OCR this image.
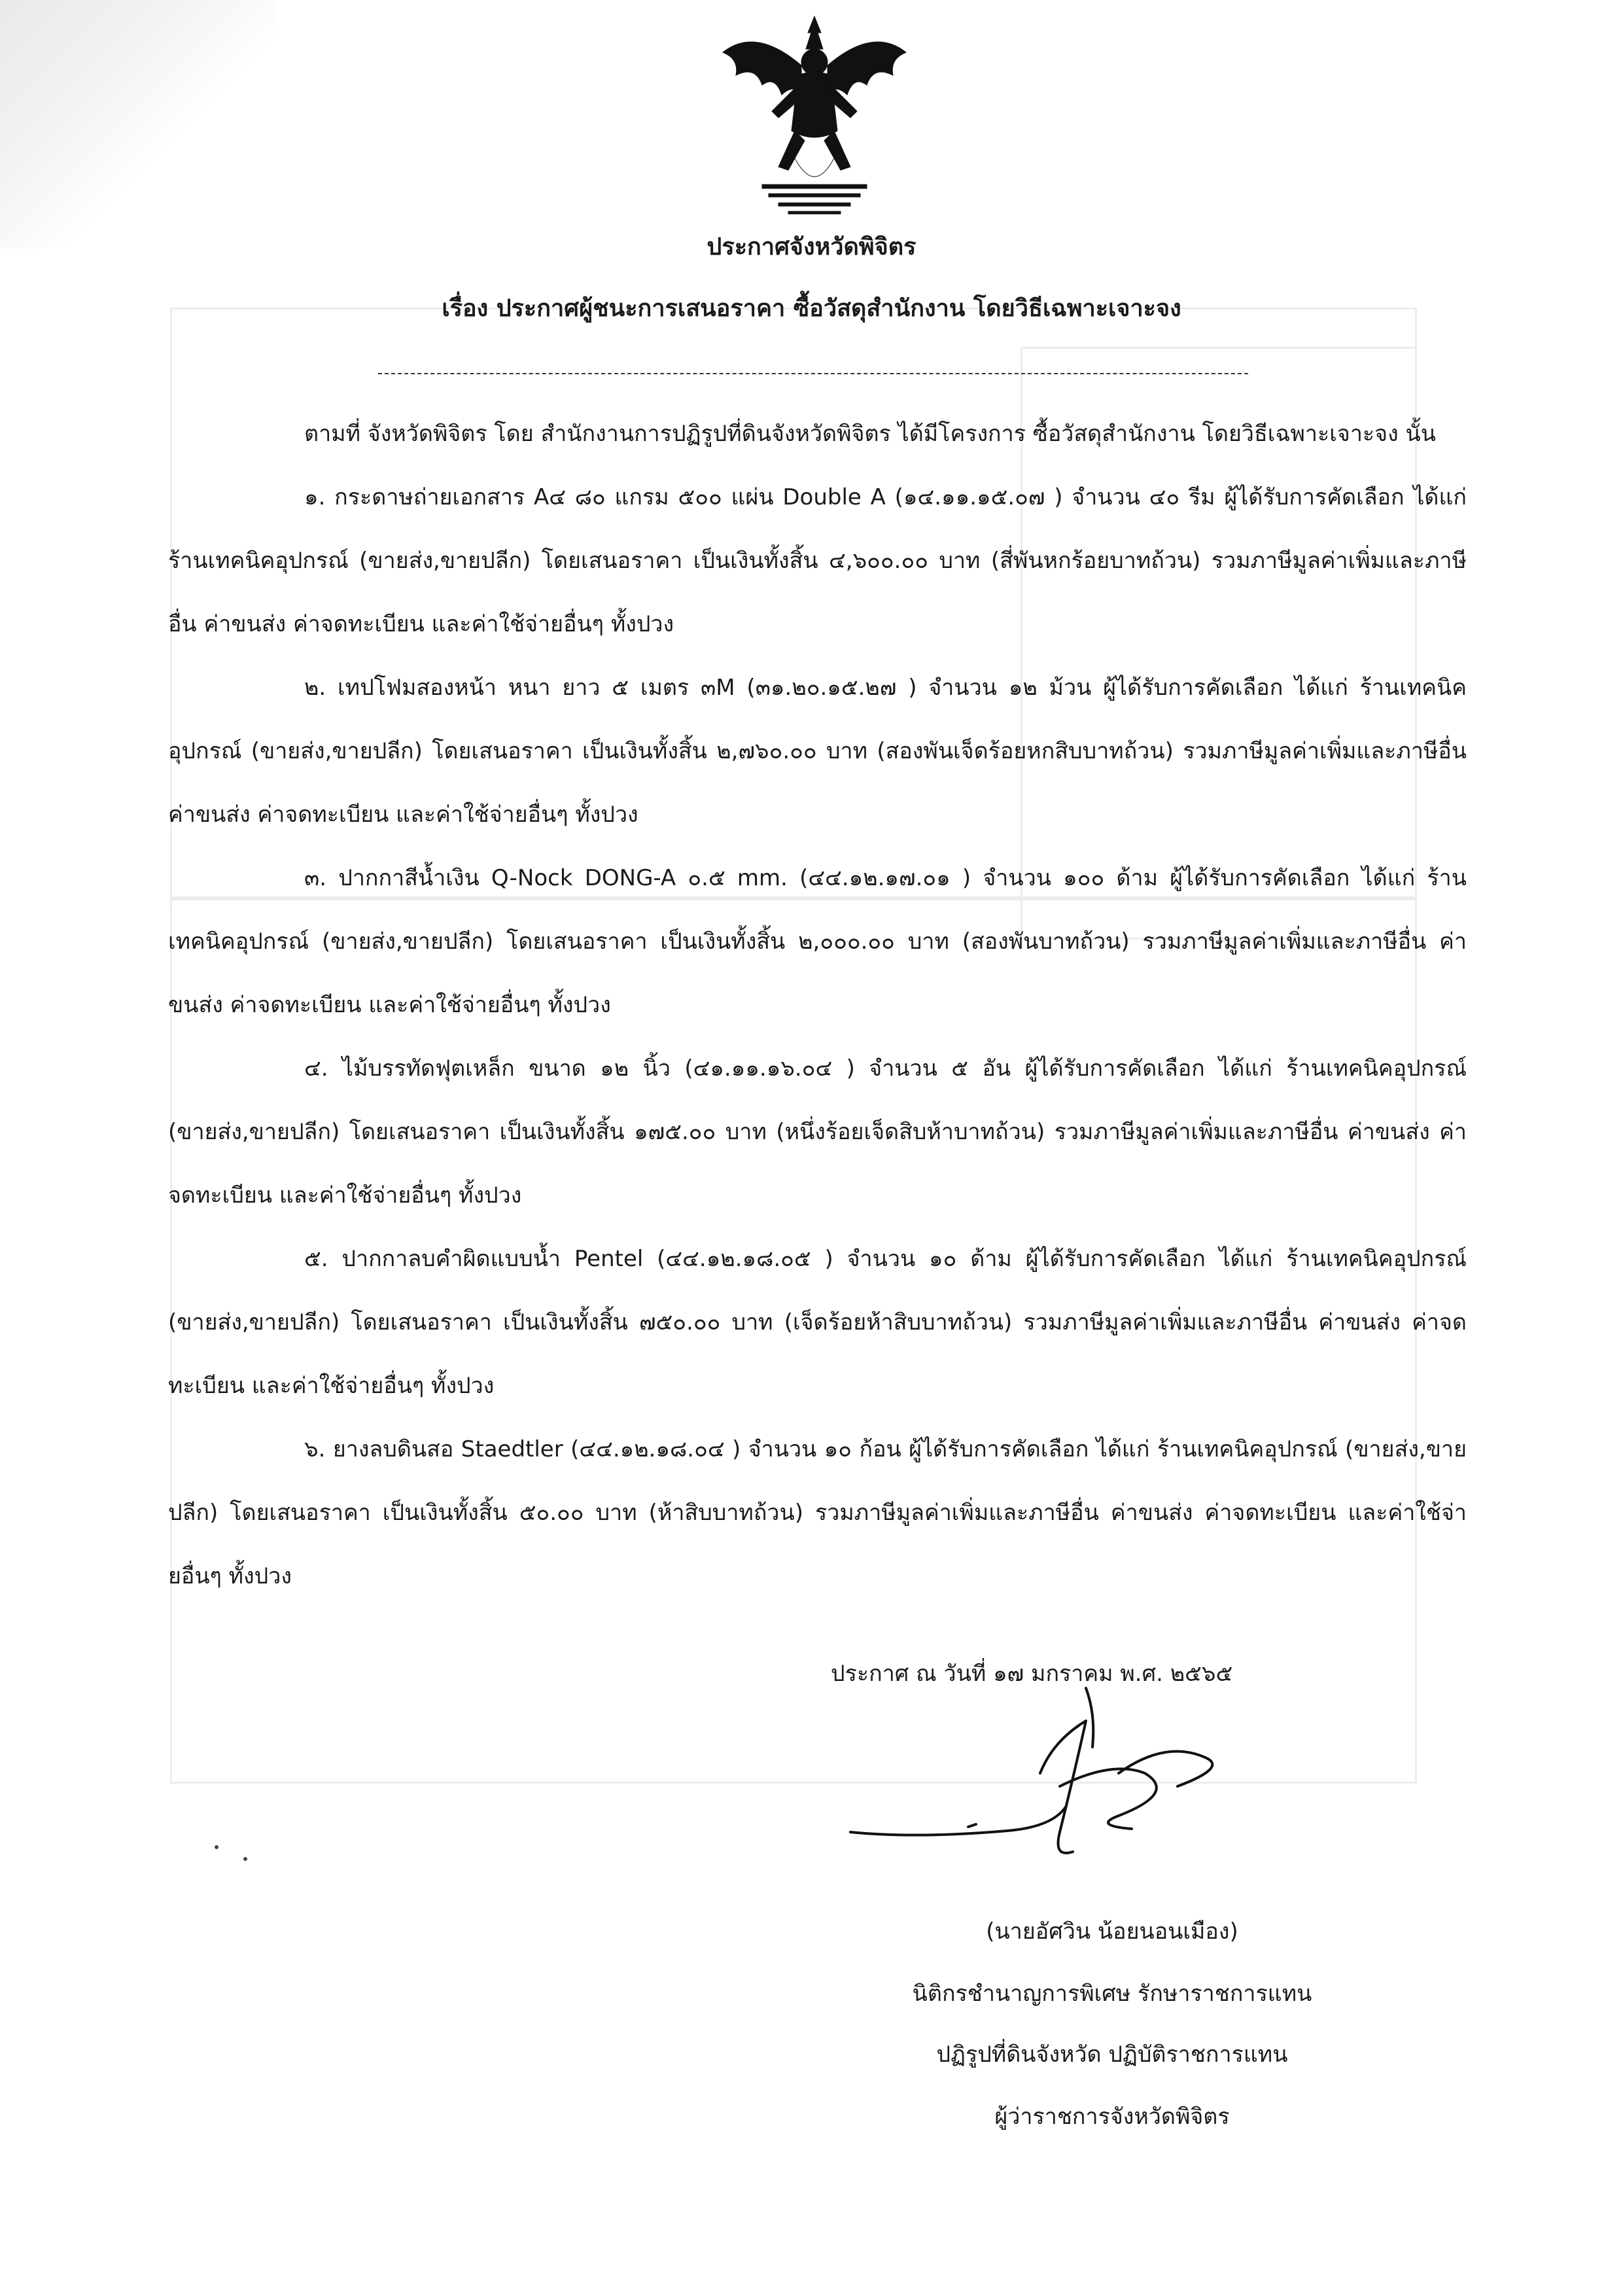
ประกาศจังหวัดพิจิตร
เรื่อง ประกาศผู้ชนะการเสนอราคา ซื้อวัสดุสำนักงาน โดยวิธีเฉพาะเจาะจง

ตามที่ จังหวัดพิจิตร โดย สำนักงานการปฏิรูปที่ดินจังหวัดพิจิตร ได้มีโครงการ ซื้อวัสดุสำนักงาน โดยวิธีเฉพาะเจาะจง นั้น

๑. กระดาษถ่ายเอกสาร A๔ ๘๐ แกรม ๕๐๐ แผ่น Double A (๑๔.๑๑.๑๕.๐๗ ) จำนวน ๔๐ รีม ผู้ได้รับการคัดเลือก ได้แก่ ร้านเทคนิคอุปกรณ์ (ขายส่ง,ขายปลีก) โดยเสนอราคา เป็นเงินทั้งสิ้น ๔,๖๐๐.๐๐ บาท (สี่พันหกร้อยบาทถ้วน) รวมภาษีมูลค่าเพิ่มและภาษีอื่น ค่าขนส่ง ค่าจดทะเบียน และค่าใช้จ่ายอื่นๆ ทั้งปวง

๒. เทปโฟมสองหน้า หนา ยาว ๕ เมตร ๓M (๓๑.๒๐.๑๕.๒๗ ) จำนวน ๑๒ ม้วน ผู้ได้รับการคัดเลือก ได้แก่ ร้านเทคนิคอุปกรณ์ (ขายส่ง,ขายปลีก) โดยเสนอราคา เป็นเงินทั้งสิ้น ๒,๗๖๐.๐๐ บาท (สองพันเจ็ดร้อยหกสิบบาทถ้วน) รวมภาษีมูลค่าเพิ่มและภาษีอื่น ค่าขนส่ง ค่าจดทะเบียน และค่าใช้จ่ายอื่นๆ ทั้งปวง

๓. ปากกาสีน้ำเงิน Q-Nock DONG-A ๐.๕ mm. (๔๔.๑๒.๑๗.๐๑ ) จำนวน ๑๐๐ ด้าม ผู้ได้รับการคัดเลือก ได้แก่ ร้านเทคนิคอุปกรณ์ (ขายส่ง,ขายปลีก) โดยเสนอราคา เป็นเงินทั้งสิ้น ๒,๐๐๐.๐๐ บาท (สองพันบาทถ้วน) รวมภาษีมูลค่าเพิ่มและภาษีอื่น ค่าขนส่ง ค่าจดทะเบียน และค่าใช้จ่ายอื่นๆ ทั้งปวง

๔. ไม้บรรทัดฟุตเหล็ก ขนาด ๑๒ นิ้ว (๔๑.๑๑.๑๖.๐๔ ) จำนวน ๕ อัน ผู้ได้รับการคัดเลือก ได้แก่ ร้านเทคนิคอุปกรณ์ (ขายส่ง,ขายปลีก) โดยเสนอราคา เป็นเงินทั้งสิ้น ๑๗๕.๐๐ บาท (หนึ่งร้อยเจ็ดสิบห้าบาทถ้วน) รวมภาษีมูลค่าเพิ่มและภาษีอื่น ค่าขนส่ง ค่าจดทะเบียน และค่าใช้จ่ายอื่นๆ ทั้งปวง

๕. ปากกาลบคำผิดแบบน้ำ Pentel (๔๔.๑๒.๑๘.๐๕ ) จำนวน ๑๐ ด้าม ผู้ได้รับการคัดเลือก ได้แก่ ร้านเทคนิคอุปกรณ์ (ขายส่ง,ขายปลีก) โดยเสนอราคา เป็นเงินทั้งสิ้น ๗๕๐.๐๐ บาท (เจ็ดร้อยห้าสิบบาทถ้วน) รวมภาษีมูลค่าเพิ่มและภาษีอื่น ค่าขนส่ง ค่าจดทะเบียน และค่าใช้จ่ายอื่นๆ ทั้งปวง

๖. ยางลบดินสอ Staedtler (๔๔.๑๒.๑๘.๐๔ ) จำนวน ๑๐ ก้อน ผู้ได้รับการคัดเลือก ได้แก่ ร้านเทคนิคอุปกรณ์ (ขายส่ง,ขายปลีก) โดยเสนอราคา เป็นเงินทั้งสิ้น ๕๐.๐๐ บาท (ห้าสิบบาทถ้วน) รวมภาษีมูลค่าเพิ่มและภาษีอื่น ค่าขนส่ง ค่าจดทะเบียน และค่าใช้จ่ายอื่นๆ ทั้งปวง

ประกาศ ณ วันที่ ๑๗ มกราคม พ.ศ. ๒๕๖๕
(นายอัศวิน น้อยนอนเมือง)
นิติกรชำนาญการพิเศษ รักษาราชการแทน
ปฏิรูปที่ดินจังหวัด ปฏิบัติราชการแทน
ผู้ว่าราชการจังหวัดพิจิตร
